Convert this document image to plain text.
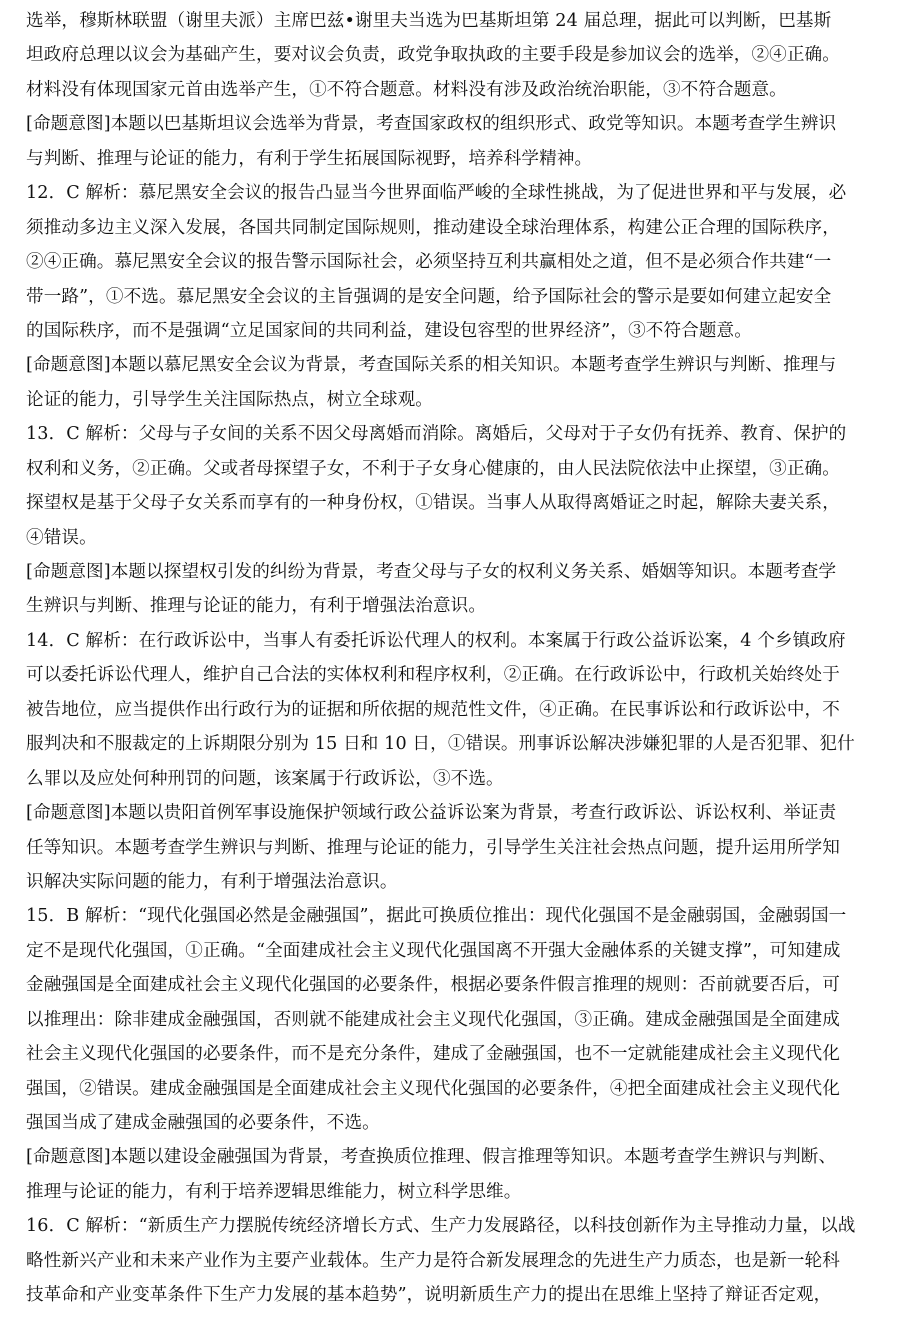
选举，穆斯林联盟（谢里夫派）主席巴兹•谢里夫当选为巴基斯坦第 24 届总理，据此可以判断，巴基斯
坦政府总理以议会为基础产生，要对议会负责，政党争取执政的主要手段是参加议会的选举，②④正确。
材料没有体现国家元首由选举产生，①不符合题意。材料没有涉及政治统治职能，③不符合题意。
[命题意图]本题以巴基斯坦议会选举为背景，考查国家政权的组织形式、政党等知识。本题考查学生辨识
与判断、推理与论证的能力，有利于学生拓展国际视野，培养科学精神。
12．C 解析：慕尼黑安全会议的报告凸显当今世界面临严峻的全球性挑战，为了促进世界和平与发展，必
须推动多边主义深入发展，各国共同制定国际规则，推动建设全球治理体系，构建公正合理的国际秩序，
②④正确。慕尼黑安全会议的报告警示国际社会，必须坚持互利共赢相处之道，但不是必须合作共建“一
带一路”，①不选。慕尼黑安全会议的主旨强调的是安全问题，给予国际社会的警示是要如何建立起安全
的国际秩序，而不是强调“立足国家间的共同利益，建设包容型的世界经济”，③不符合题意。
[命题意图]本题以慕尼黑安全会议为背景，考查国际关系的相关知识。本题考查学生辨识与判断、推理与
论证的能力，引导学生关注国际热点，树立全球观。
13．C 解析：父母与子女间的关系不因父母离婚而消除。离婚后，父母对于子女仍有抚养、教育、保护的
权利和义务，②正确。父或者母探望子女，不利于子女身心健康的，由人民法院依法中止探望，③正确。
探望权是基于父母子女关系而享有的一种身份权，①错误。当事人从取得离婚证之时起，解除夫妻关系，
④错误。
[命题意图]本题以探望权引发的纠纷为背景，考查父母与子女的权利义务关系、婚姻等知识。本题考查学
生辨识与判断、推理与论证的能力，有利于增强法治意识。
14．C 解析：在行政诉讼中，当事人有委托诉讼代理人的权利。本案属于行政公益诉讼案，4 个乡镇政府
可以委托诉讼代理人，维护自己合法的实体权利和程序权利，②正确。在行政诉讼中，行政机关始终处于
被告地位，应当提供作出行政行为的证据和所依据的规范性文件，④正确。在民事诉讼和行政诉讼中，不
服判决和不服裁定的上诉期限分别为 15 日和 10 日，①错误。刑事诉讼解决涉嫌犯罪的人是否犯罪、犯什
么罪以及应处何种刑罚的问题，该案属于行政诉讼，③不选。
[命题意图]本题以贵阳首例军事设施保护领域行政公益诉讼案为背景，考查行政诉讼、诉讼权利、举证责
任等知识。本题考查学生辨识与判断、推理与论证的能力，引导学生关注社会热点问题，提升运用所学知
识解决实际问题的能力，有利于增强法治意识。
15．B 解析：“现代化强国必然是金融强国”，据此可换质位推出：现代化强国不是金融弱国，金融弱国一
定不是现代化强国，①正确。“全面建成社会主义现代化强国离不开强大金融体系的关键支撑”，可知建成
金融强国是全面建成社会主义现代化强国的必要条件，根据必要条件假言推理的规则：否前就要否后，可
以推理出：除非建成金融强国，否则就不能建成社会主义现代化强国，③正确。建成金融强国是全面建成
社会主义现代化强国的必要条件，而不是充分条件，建成了金融强国，也不一定就能建成社会主义现代化
强国，②错误。建成金融强国是全面建成社会主义现代化强国的必要条件，④把全面建成社会主义现代化
强国当成了建成金融强国的必要条件，不选。
[命题意图]本题以建设金融强国为背景，考查换质位推理、假言推理等知识。本题考查学生辨识与判断、
推理与论证的能力，有利于培养逻辑思维能力，树立科学思维。
16．C 解析：“新质生产力摆脱传统经济增长方式、生产力发展路径，以科技创新作为主导推动力量，以战
略性新兴产业和未来产业作为主要产业载体。生产力是符合新发展理念的先进生产力质态，也是新一轮科
技革命和产业变革条件下生产力发展的基本趋势”，说明新质生产力的提出在思维上坚持了辩证否定观，
